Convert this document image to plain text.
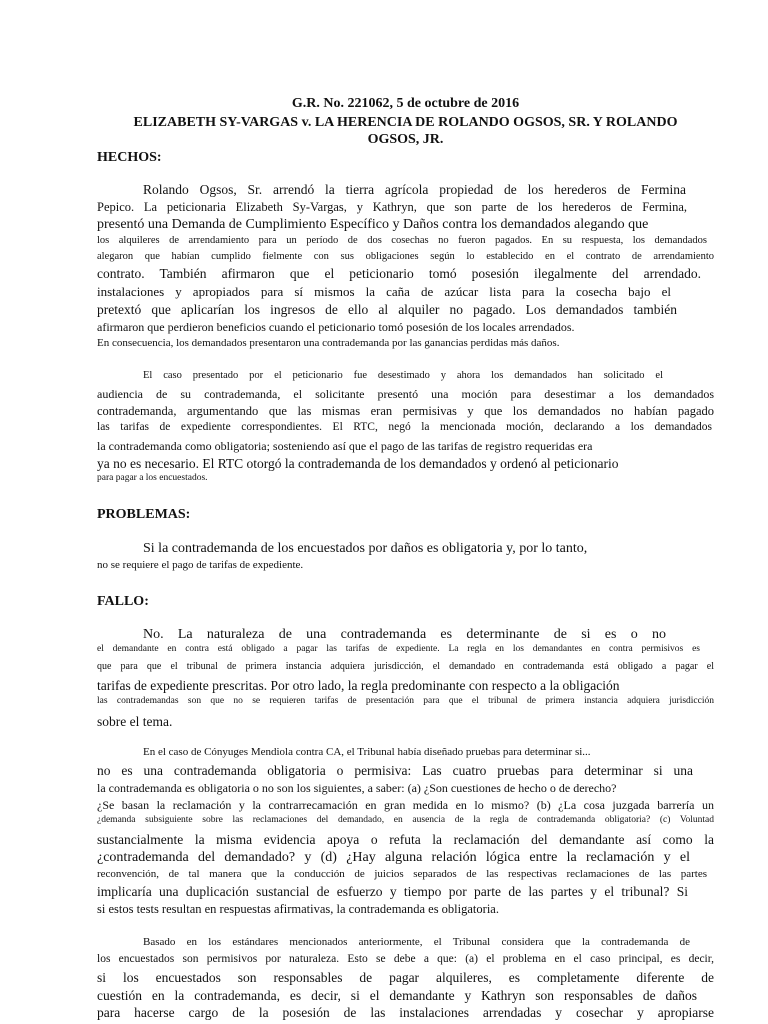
G.R. No. 221062, 5 de octubre de 2016
ELIZABETH SY-VARGAS v. LA HERENCIA DE ROLANDO OGSOS, SR. Y ROLANDO
OGSOS, JR.
HECHOS:
Rolando Ogsos, Sr. arrendó la tierra agrícola propiedad de los herederos de Fermina
Pepico. La peticionaria Elizabeth Sy-Vargas, y Kathryn, que son parte de los herederos de Fermina,
presentó una Demanda de Cumplimiento Específico y Daños contra los demandados alegando que
los alquileres de arrendamiento para un período de dos cosechas no fueron pagados. En su respuesta, los demandados
alegaron que habían cumplido fielmente con sus obligaciones según lo establecido en el contrato de arrendamiento
contrato. También afirmaron que el peticionario tomó posesión ilegalmente del arrendado.
instalaciones y apropiados para sí mismos la caña de azúcar lista para la cosecha bajo el
pretextó que aplicarían los ingresos de ello al alquiler no pagado. Los demandados también
afirmaron que perdieron beneficios cuando el peticionario tomó posesión de los locales arrendados.
En consecuencia, los demandados presentaron una contrademanda por las ganancias perdidas más daños.
El caso presentado por el peticionario fue desestimado y ahora los demandados han solicitado el
audiencia de su contrademanda, el solicitante presentó una moción para desestimar a los demandados
contrademanda, argumentando que las mismas eran permisivas y que los demandados no habían pagado
las tarifas de expediente correspondientes. El RTC, negó la mencionada moción, declarando a los demandados
la contrademanda como obligatoria; sosteniendo así que el pago de las tarifas de registro requeridas era
ya no es necesario. El RTC otorgó la contrademanda de los demandados y ordenó al peticionario
para pagar a los encuestados.
PROBLEMAS:
Si la contrademanda de los encuestados por daños es obligatoria y, por lo tanto,
no se requiere el pago de tarifas de expediente.
FALLO:
No. La naturaleza de una contrademanda es determinante de si es o no
el demandante en contra está obligado a pagar las tarifas de expediente. La regla en los demandantes en contra permisivos es
que para que el tribunal de primera instancia adquiera jurisdicción, el demandado en contrademanda está obligado a pagar el
tarifas de expediente prescritas. Por otro lado, la regla predominante con respecto a la obligación
las contrademandas son que no se requieren tarifas de presentación para que el tribunal de primera instancia adquiera jurisdicción
sobre el tema.
En el caso de Cónyuges Mendiola contra CA, el Tribunal había diseñado pruebas para determinar si...
no es una contrademanda obligatoria o permisiva: Las cuatro pruebas para determinar si una
la contrademanda es obligatoria o no son los siguientes, a saber: (a) ¿Son cuestiones de hecho o de derecho?
¿Se basan la reclamación y la contrarrecamación en gran medida en lo mismo? (b) ¿La cosa juzgada barrería un
¿demanda subsiguiente sobre las reclamaciones del demandado, en ausencia de la regla de contrademanda obligatoria? (c) Voluntad
sustancialmente la misma evidencia apoya o refuta la reclamación del demandante así como la
¿contrademanda del demandado? y (d) ¿Hay alguna relación lógica entre la reclamación y el
reconvención, de tal manera que la conducción de juicios separados de las respectivas reclamaciones de las partes
implicaría una duplicación sustancial de esfuerzo y tiempo por parte de las partes y el tribunal? Si
si estos tests resultan en respuestas afirmativas, la contrademanda es obligatoria.
Basado en los estándares mencionados anteriormente, el Tribunal considera que la contrademanda de
los encuestados son permisivos por naturaleza. Esto se debe a que: (a) el problema en el caso principal, es decir,
si los encuestados son responsables de pagar alquileres, es completamente diferente de
cuestión en la contrademanda, es decir, si el demandante y Kathryn son responsables de daños
para hacerse cargo de la posesión de las instalaciones arrendadas y cosechar y apropiarse
